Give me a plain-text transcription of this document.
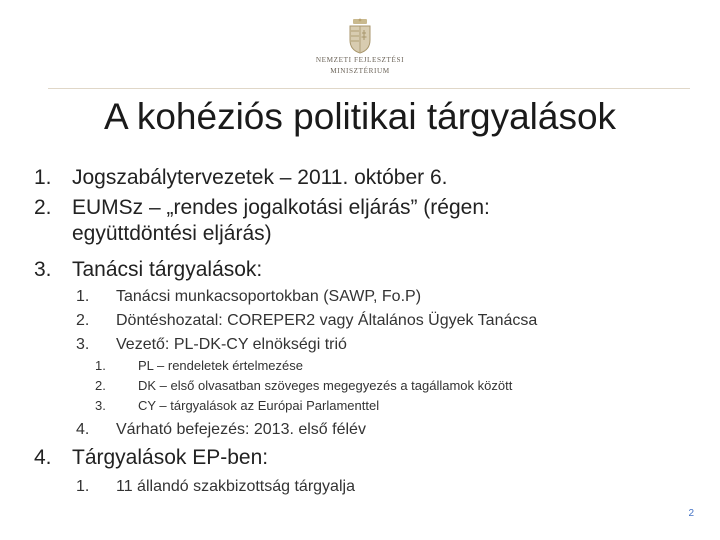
NEMZETI FEJLESZTÉSI
MINISZTÉRIUM
A kohéziós politikai tárgyalások
1. Jogszabálytervezetek – 2011. október 6.
2. EUMSz – „rendes jogalkotási eljárás” (régen:
együttdöntési eljárás)
3. Tanácsi tárgyalások:
1. Tanácsi munkacsoportokban (SAWP, Fo.P)
2. Döntéshozatal: COREPER2 vagy Általános Ügyek Tanácsa
3. Vezető: PL-DK-CY elnökségi trió
1. PL – rendeletek értelmezése
2. DK – első olvasatban szöveges megegyezés a tagállamok között
3. CY – tárgyalások az Európai Parlamenttel
4. Várható befejezés: 2013. első félév
4. Tárgyalások EP-ben:
1. 11 állandó szakbizottság tárgyalja
2
